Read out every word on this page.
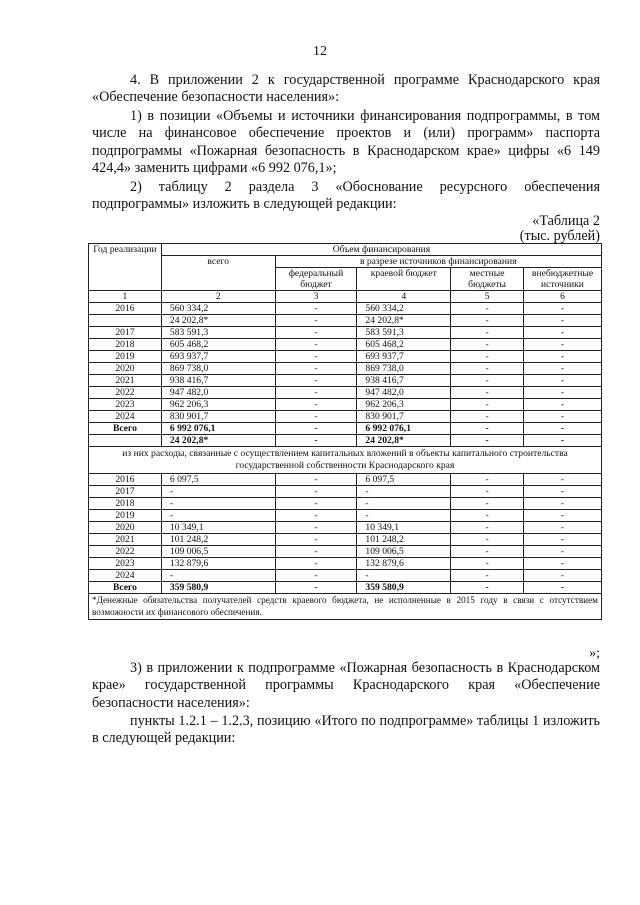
12

4. В приложении 2 к государственной программе Краснодарского края «Обеспечение безопасности населения»:

1) в позиции «Объемы и источники финансирования подпрограммы, в том числе на финансовое обеспечение проектов и (или) программ» паспорта подпрограммы «Пожарная безопасность в Краснодарском крае» цифры «6 149 424,4» заменить цифрами «6 992 076,1»;

2) таблицу 2 раздела 3 «Обоснование ресурсного обеспечения подпрограммы» изложить в следующей редакции:

«Таблица 2
(тыс. рублей)
Год реализации	Объем финансирования				
	всего	в разрезе источников финансирования			
		федеральный бюджет	краевой бюджет	местные бюджеты	внебюджетные источники
1	2	3	4	5	6
2016	560 334,2	-	560 334,2	-	-
	24 202,8*	-	24 202,8*	-	-
2017	583 591,3	-	583 591,3	-	-
2018	605 468,2	-	605 468,2	-	-
2019	693 937,7	-	693 937,7	-	-
2020	869 738,0	-	869 738,0	-	-
2021	938 416,7	-	938 416,7	-	-
2022	947 482,0	-	947 482,0	-	-
2023	962 206,3	-	962 206,3	-	-
2024	830 901,7	-	830 901,7	-	-
Всего	6 992 076,1	-	6 992 076,1	-	-
	24 202,8*	-	24 202,8*	-	-
из них расходы, связанные с осуществлением капитальных вложений в объекты капитального строительства государственной собственности Краснодарского края					
2016	6 097,5	-	6 097,5	-	-
2017	-	-	-	-	-
2018	-	-	-	-	-
2019	-	-	-	-	-
2020	10 349,1	-	10 349,1	-	-
2021	101 248,2	-	101 248,2	-	-
2022	109 006,5	-	109 006,5	-	-
2023	132 879,6	-	132 879,6	-	-
2024	-	-	-	-	-
Всего	359 580,9	-	359 580,9	-	-
*Денежные обязательства получателей средств краевого бюджета, не исполненные в 2015 году в связи с отсутствием возможности их финансового обеспечения.					
»;

3) в приложении к подпрограмме «Пожарная безопасность в Краснодарском крае» государственной программы Краснодарского края «Обеспечение безопасности населения»:

пункты 1.2.1 – 1.2.3, позицию «Итого по подпрограмме» таблицы 1 изложить в следующей редакции:
